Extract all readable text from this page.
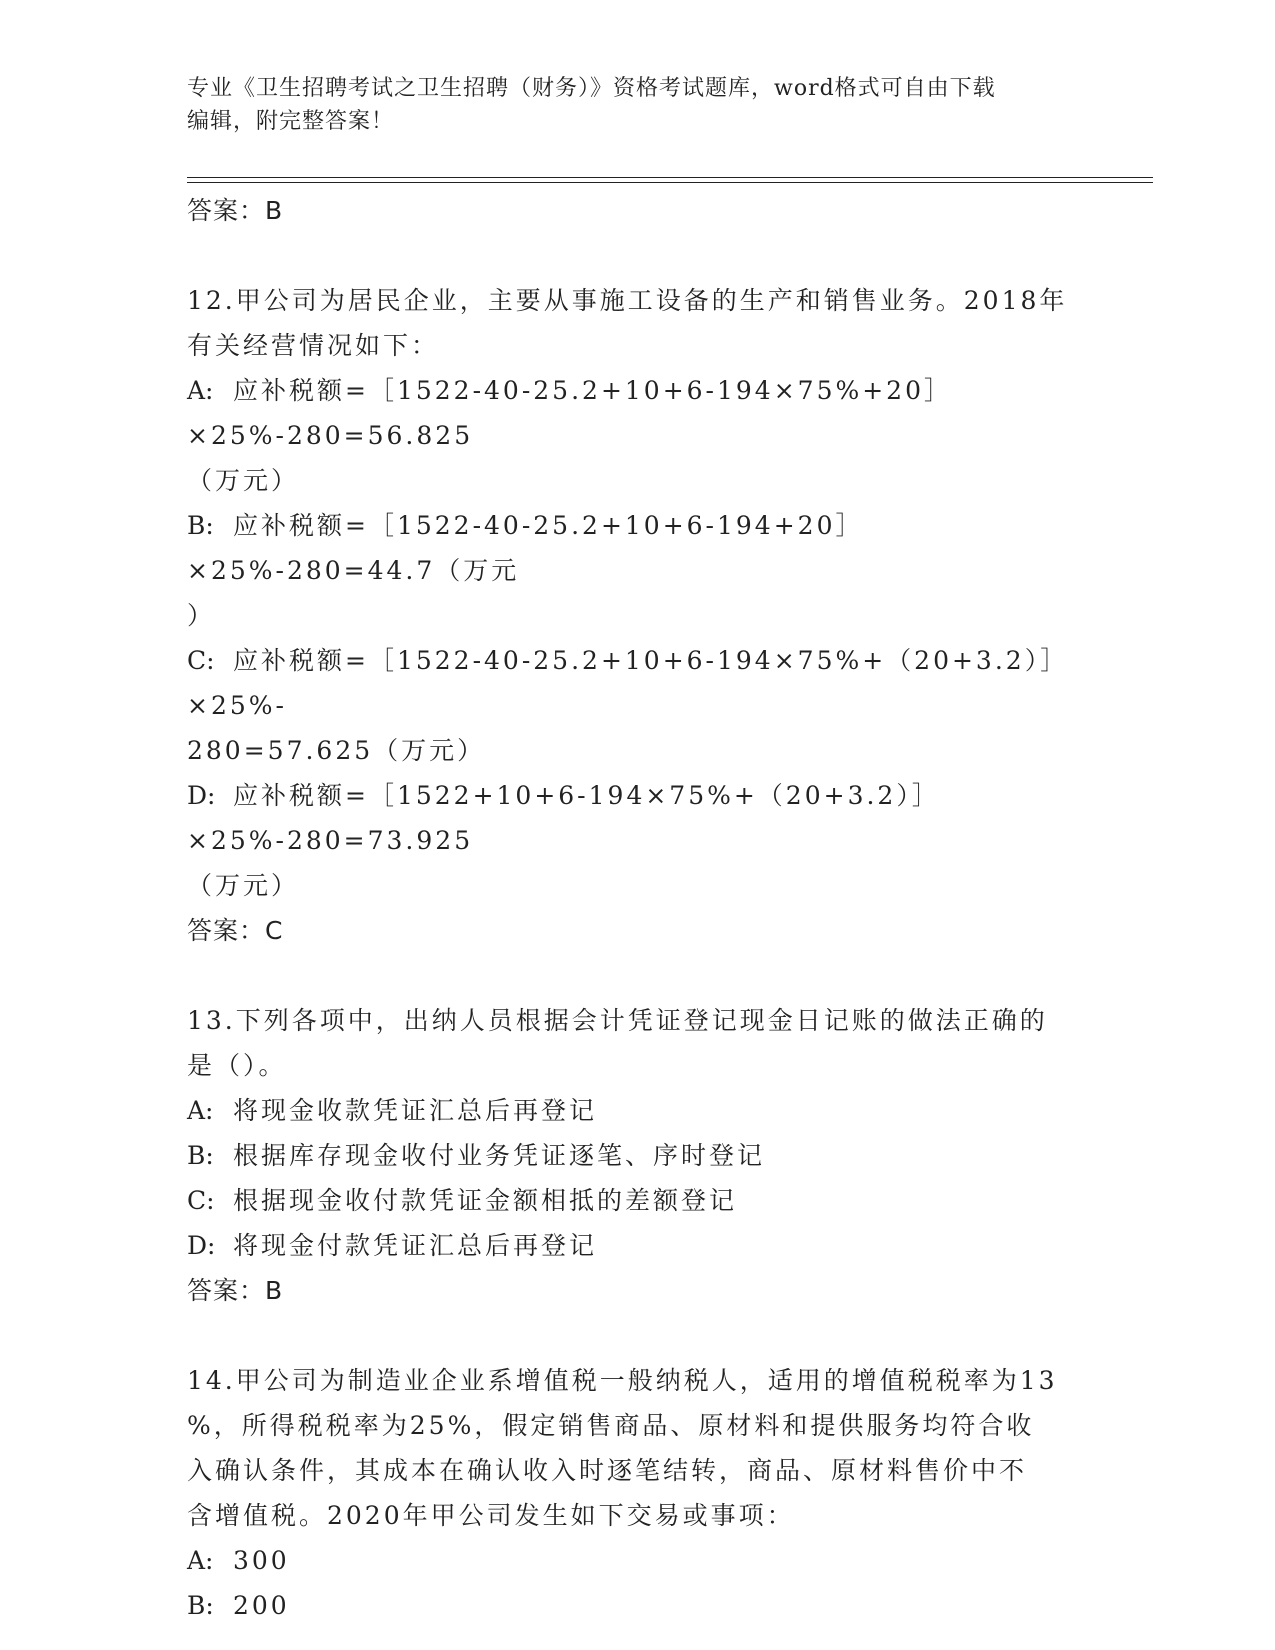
专业《卫生招聘考试之卫生招聘（财务）》资格考试题库，word格式可自由下载
编辑，附完整答案！
答案：B
12.甲公司为居民企业，主要从事施工设备的生产和销售业务。2018年
有关经营情况如下：
A: 应补税额=［1522-40-25.2+10+6-194×75%+20］×25%-280=56.825
（万元）
B: 应补税额=［1522-40-25.2+10+6-194+20］×25%-280=44.7（万元
）
C: 应补税额=［1522-40-25.2+10+6-194×75%+（20+3.2）］×25%-
280=57.625（万元）
D: 应补税额=［1522+10+6-194×75%+（20+3.2）］×25%-280=73.925
（万元）
答案：C
13.下列各项中，出纳人员根据会计凭证登记现金日记账的做法正确的
是（）。
A: 将现金收款凭证汇总后再登记
B: 根据库存现金收付业务凭证逐笔、序时登记
C: 根据现金收付款凭证金额相抵的差额登记
D: 将现金付款凭证汇总后再登记
答案：B
14.甲公司为制造业企业系增值税一般纳税人，适用的增值税税率为13
%，所得税税率为25%，假定销售商品、原材料和提供服务均符合收
入确认条件，其成本在确认收入时逐笔结转，商品、原材料售价中不
含增值税。2020年甲公司发生如下交易或事项：
A: 300
B: 200
